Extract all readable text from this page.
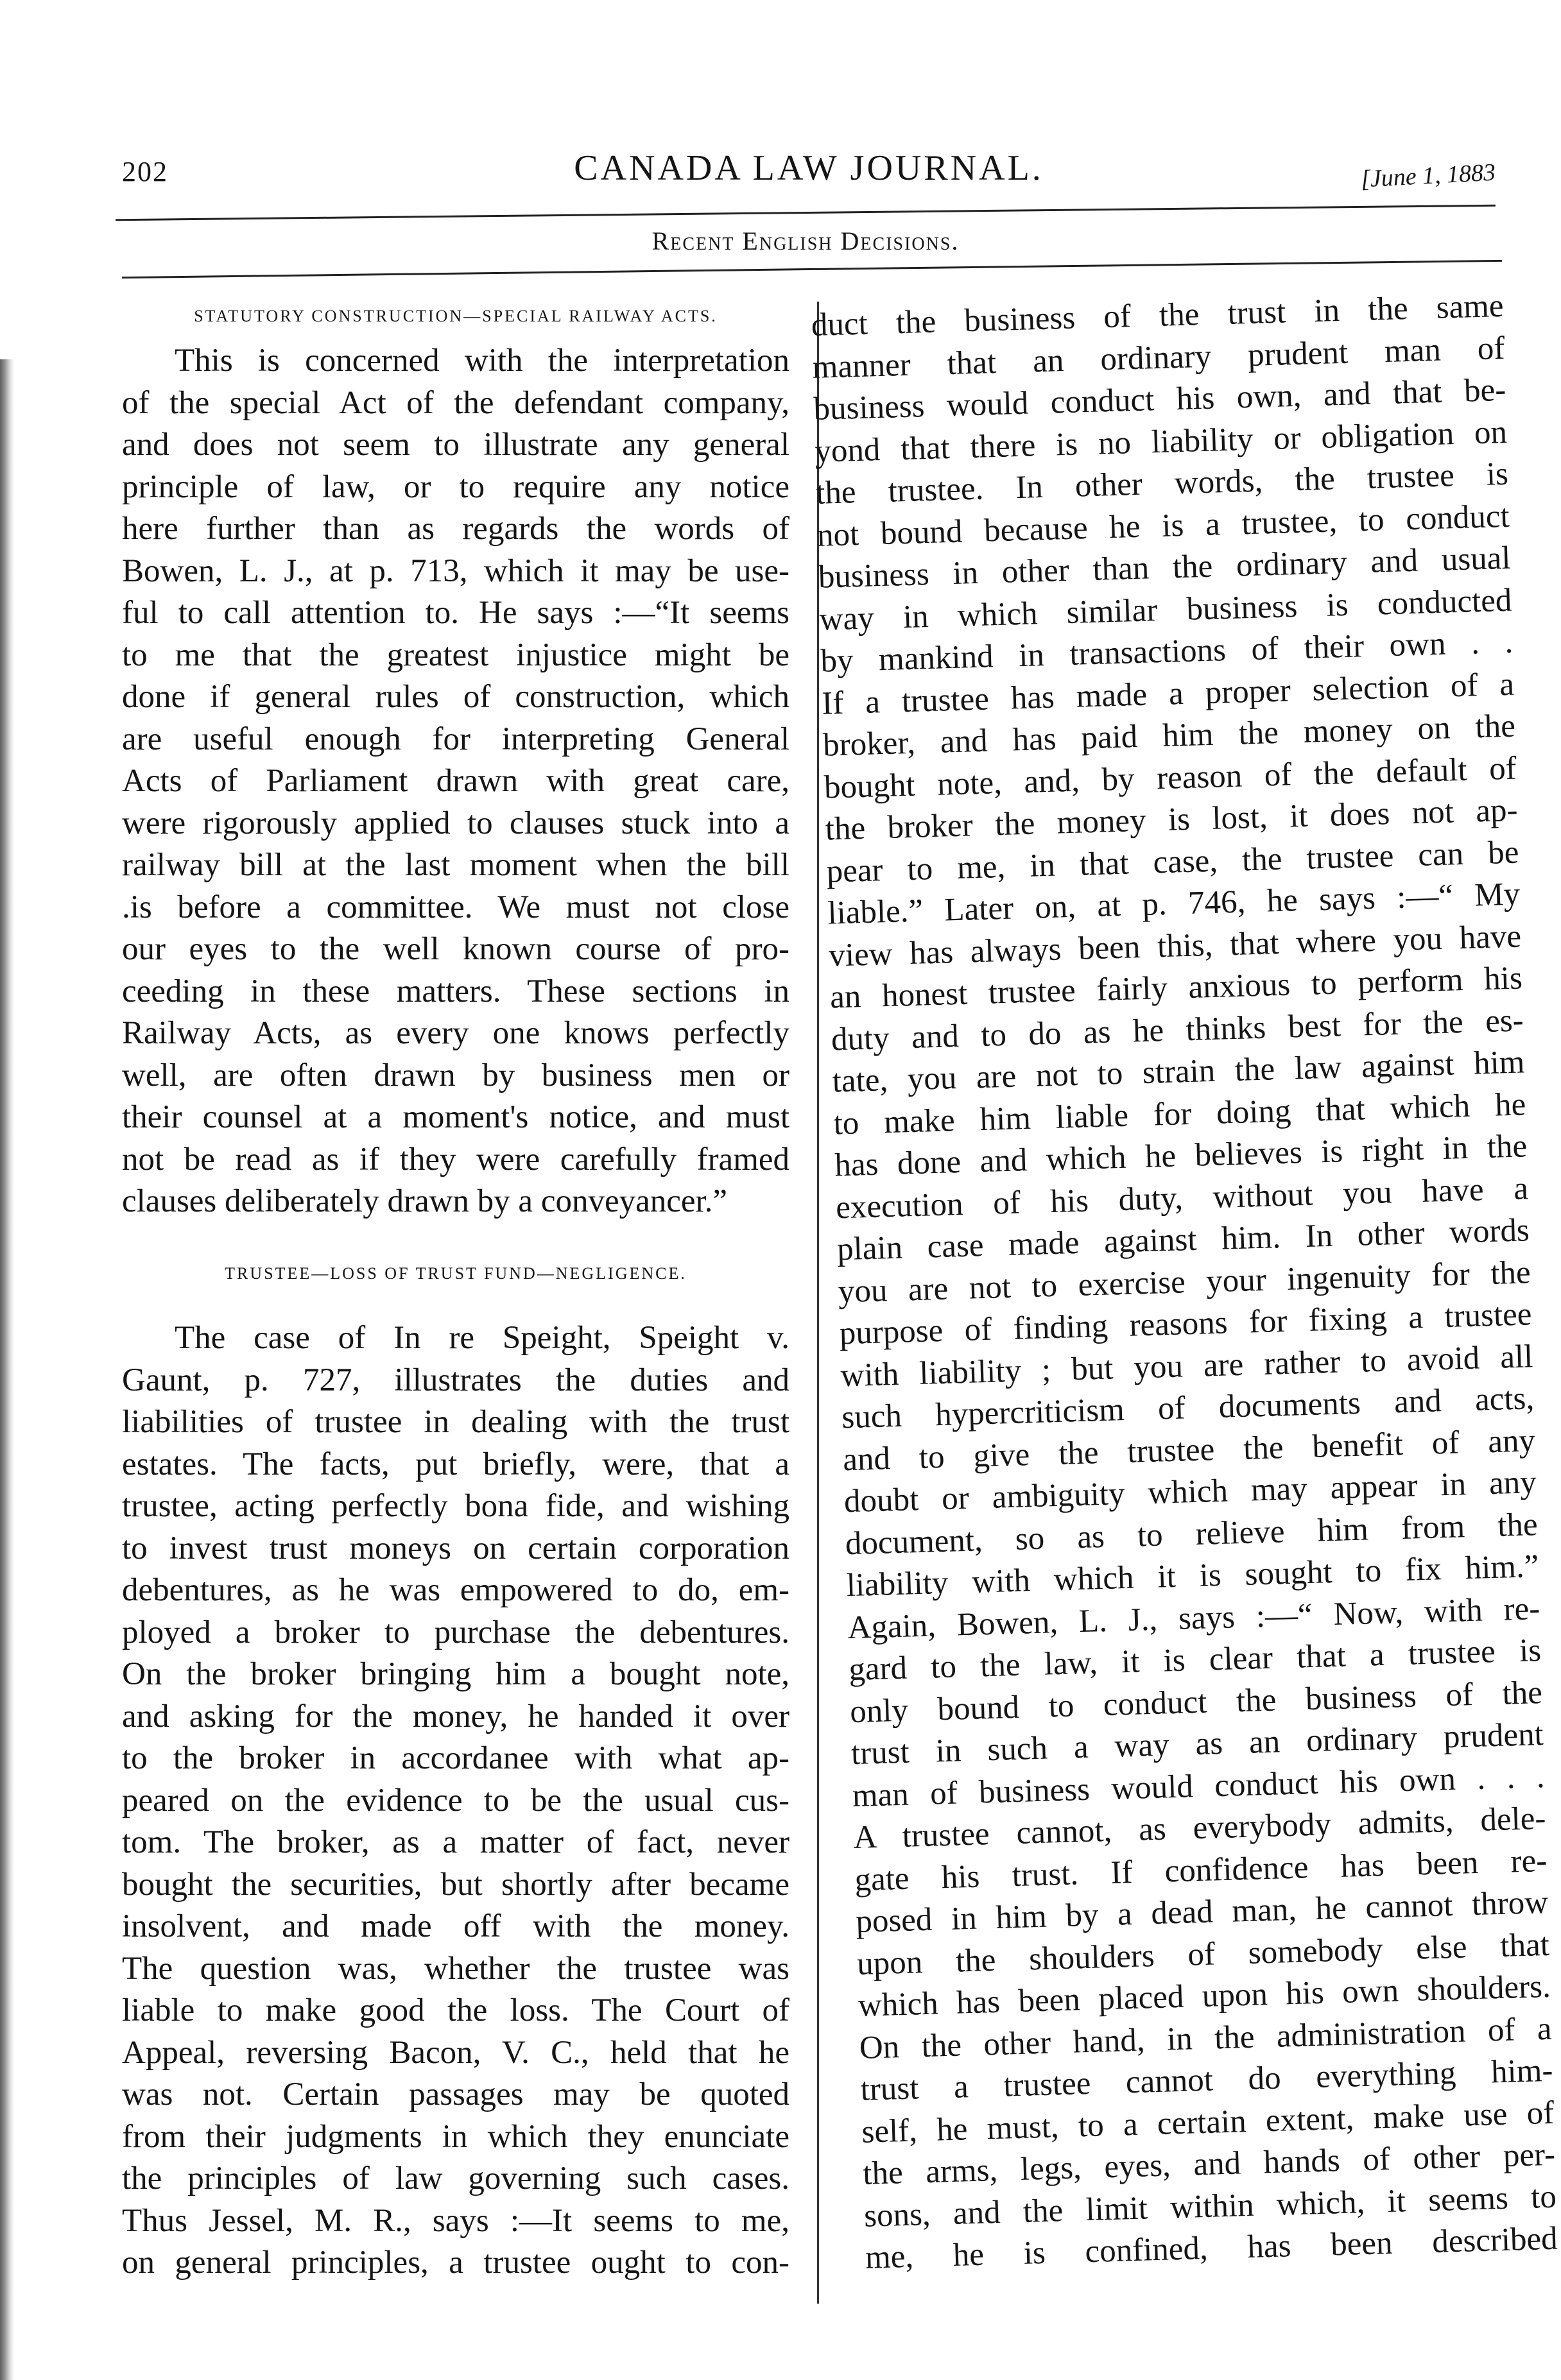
202	CANADA LAW JOURNAL.	[June 1, 1883
Recent English Decisions.
STATUTORY CONSTRUCTION—SPECIAL RAILWAY ACTS.
This is concerned with the interpretation
of the special Act of the defendant company,
and does not seem to illustrate any general
principle of law, or to require any notice
here further than as regards the words of
Bowen, L. J., at p. 713, which it may be use-
ful to call attention to. He says :—“It seems
to me that the greatest injustice might be
done if general rules of construction, which
are useful enough for interpreting General
Acts of Parliament drawn with great care,
were rigorously applied to clauses stuck into a
railway bill at the last moment when the bill
.is before a committee. We must not close
our eyes to the well known course of pro-
ceeding in these matters. These sections in
Railway Acts, as every one knows perfectly
well, are often drawn by business men or
their counsel at a moment's notice, and must
not be read as if they were carefully framed
clauses deliberately drawn by a conveyancer.”
TRUSTEE—LOSS OF TRUST FUND—NEGLIGENCE.
The case of In re Speight, Speight v.
Gaunt, p. 727, illustrates the duties and
liabilities of trustee in dealing with the trust
estates. The facts, put briefly, were, that a
trustee, acting perfectly bona fide, and wishing
to invest trust moneys on certain corporation
debentures, as he was empowered to do, em-
ployed a broker to purchase the debentures.
On the broker bringing him a bought note,
and asking for the money, he handed it over
to the broker in accordanee with what ap-
peared on the evidence to be the usual cus-
tom. The broker, as a matter of fact, never
bought the securities, but shortly after became
insolvent, and made off with the money.
The question was, whether the trustee was
liable to make good the loss. The Court of
Appeal, reversing Bacon, V. C., held that he
was not. Certain passages may be quoted
from their judgments in which they enunciate
the principles of law governing such cases.
Thus Jessel, M. R., says :—It seems to me,
on general principles, a trustee ought to con-
duct the business of the trust in the same
manner that an ordinary prudent man of
business would conduct his own, and that be-
yond that there is no liability or obligation on
the trustee. In other words, the trustee is
not bound because he is a trustee, to conduct
business in other than the ordinary and usual
way in which similar business is conducted
by mankind in transactions of their own . .
If a trustee has made a proper selection of a
broker, and has paid him the money on the
bought note, and, by reason of the default of
the broker the money is lost, it does not ap-
pear to me, in that case, the trustee can be
liable.” Later on, at p. 746, he says :—“ My
view has always been this, that where you have
an honest trustee fairly anxious to perform his
duty and to do as he thinks best for the es-
tate, you are not to strain the law against him
to make him liable for doing that which he
has done and which he believes is right in the
execution of his duty, without you have a
plain case made against him. In other words
you are not to exercise your ingenuity for the
purpose of finding reasons for fixing a trustee
with liability ; but you are rather to avoid all
such hypercriticism of documents and acts,
and to give the trustee the benefit of any
doubt or ambiguity which may appear in any
document, so as to relieve him from the
liability with which it is sought to fix him.”
Again, Bowen, L. J., says :—“ Now, with re-
gard to the law, it is clear that a trustee is
only bound to conduct the business of the
trust in such a way as an ordinary prudent
man of business would conduct his own . . .
A trustee cannot, as everybody admits, dele-
gate his trust. If confidence has been re-
posed in him by a dead man, he cannot throw
upon the shoulders of somebody else that
which has been placed upon his own shoulders.
On the other hand, in the administration of a
trust a trustee cannot do everything him-
self, he must, to a certain extent, make use of
the arms, legs, eyes, and hands of other per-
sons, and the limit within which, it seems to
me, he is confined, has been described
